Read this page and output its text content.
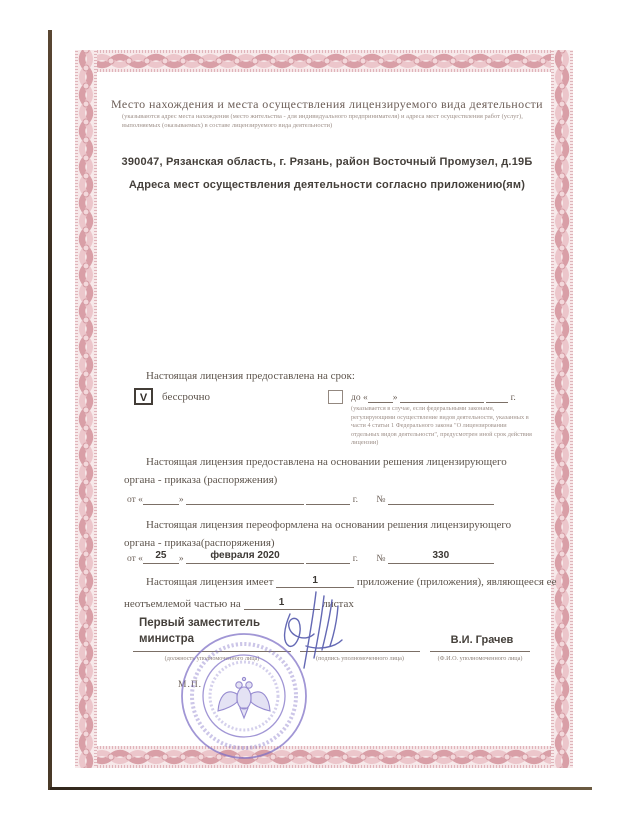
Место нахождения и места осуществления лицензируемого вида деятельности
(указываются адрес места нахождения (место жительства - для индивидуального предпринимателя) и адреса мест осуществления работ (услуг), выполняемых (оказываемых) в составе лицензируемого вида деятельности)
390047, Рязанская область, г. Рязань, район Восточный Промузел, д.19Б
Адреса мест осуществления деятельности согласно приложению(ям)
Настоящая лицензия предоставлена на срок:
V	бессрочно	до «	»	г.
(указывается в случае, если федеральными законами, регулирующими осуществление видов деятельности, указанных в части 4 статьи 1 Федерального закона "О лицензировании отдельных видов деятельности", предусмотрен иной срок действия лицензии)
Настоящая лицензия предоставлена на основании решения лицензирующего
органа - приказа (распоряжения)
от «	»	г. №
Настоящая лицензия переоформлена на основании решения лицензирующего
органа - приказа(распоряжения)
от « 25 »	февраля 2020	г. №	330
Настоящая лицензия имеет	1	приложение (приложения), являющееся ее
неотъемлемой частью на	1	листах
Первый заместитель
министра	В.И. Грачев
(должность уполномоченного лица)	(подпись уполномоченного лица)	(Ф.И.О. уполномоченного лица)
М.П.
